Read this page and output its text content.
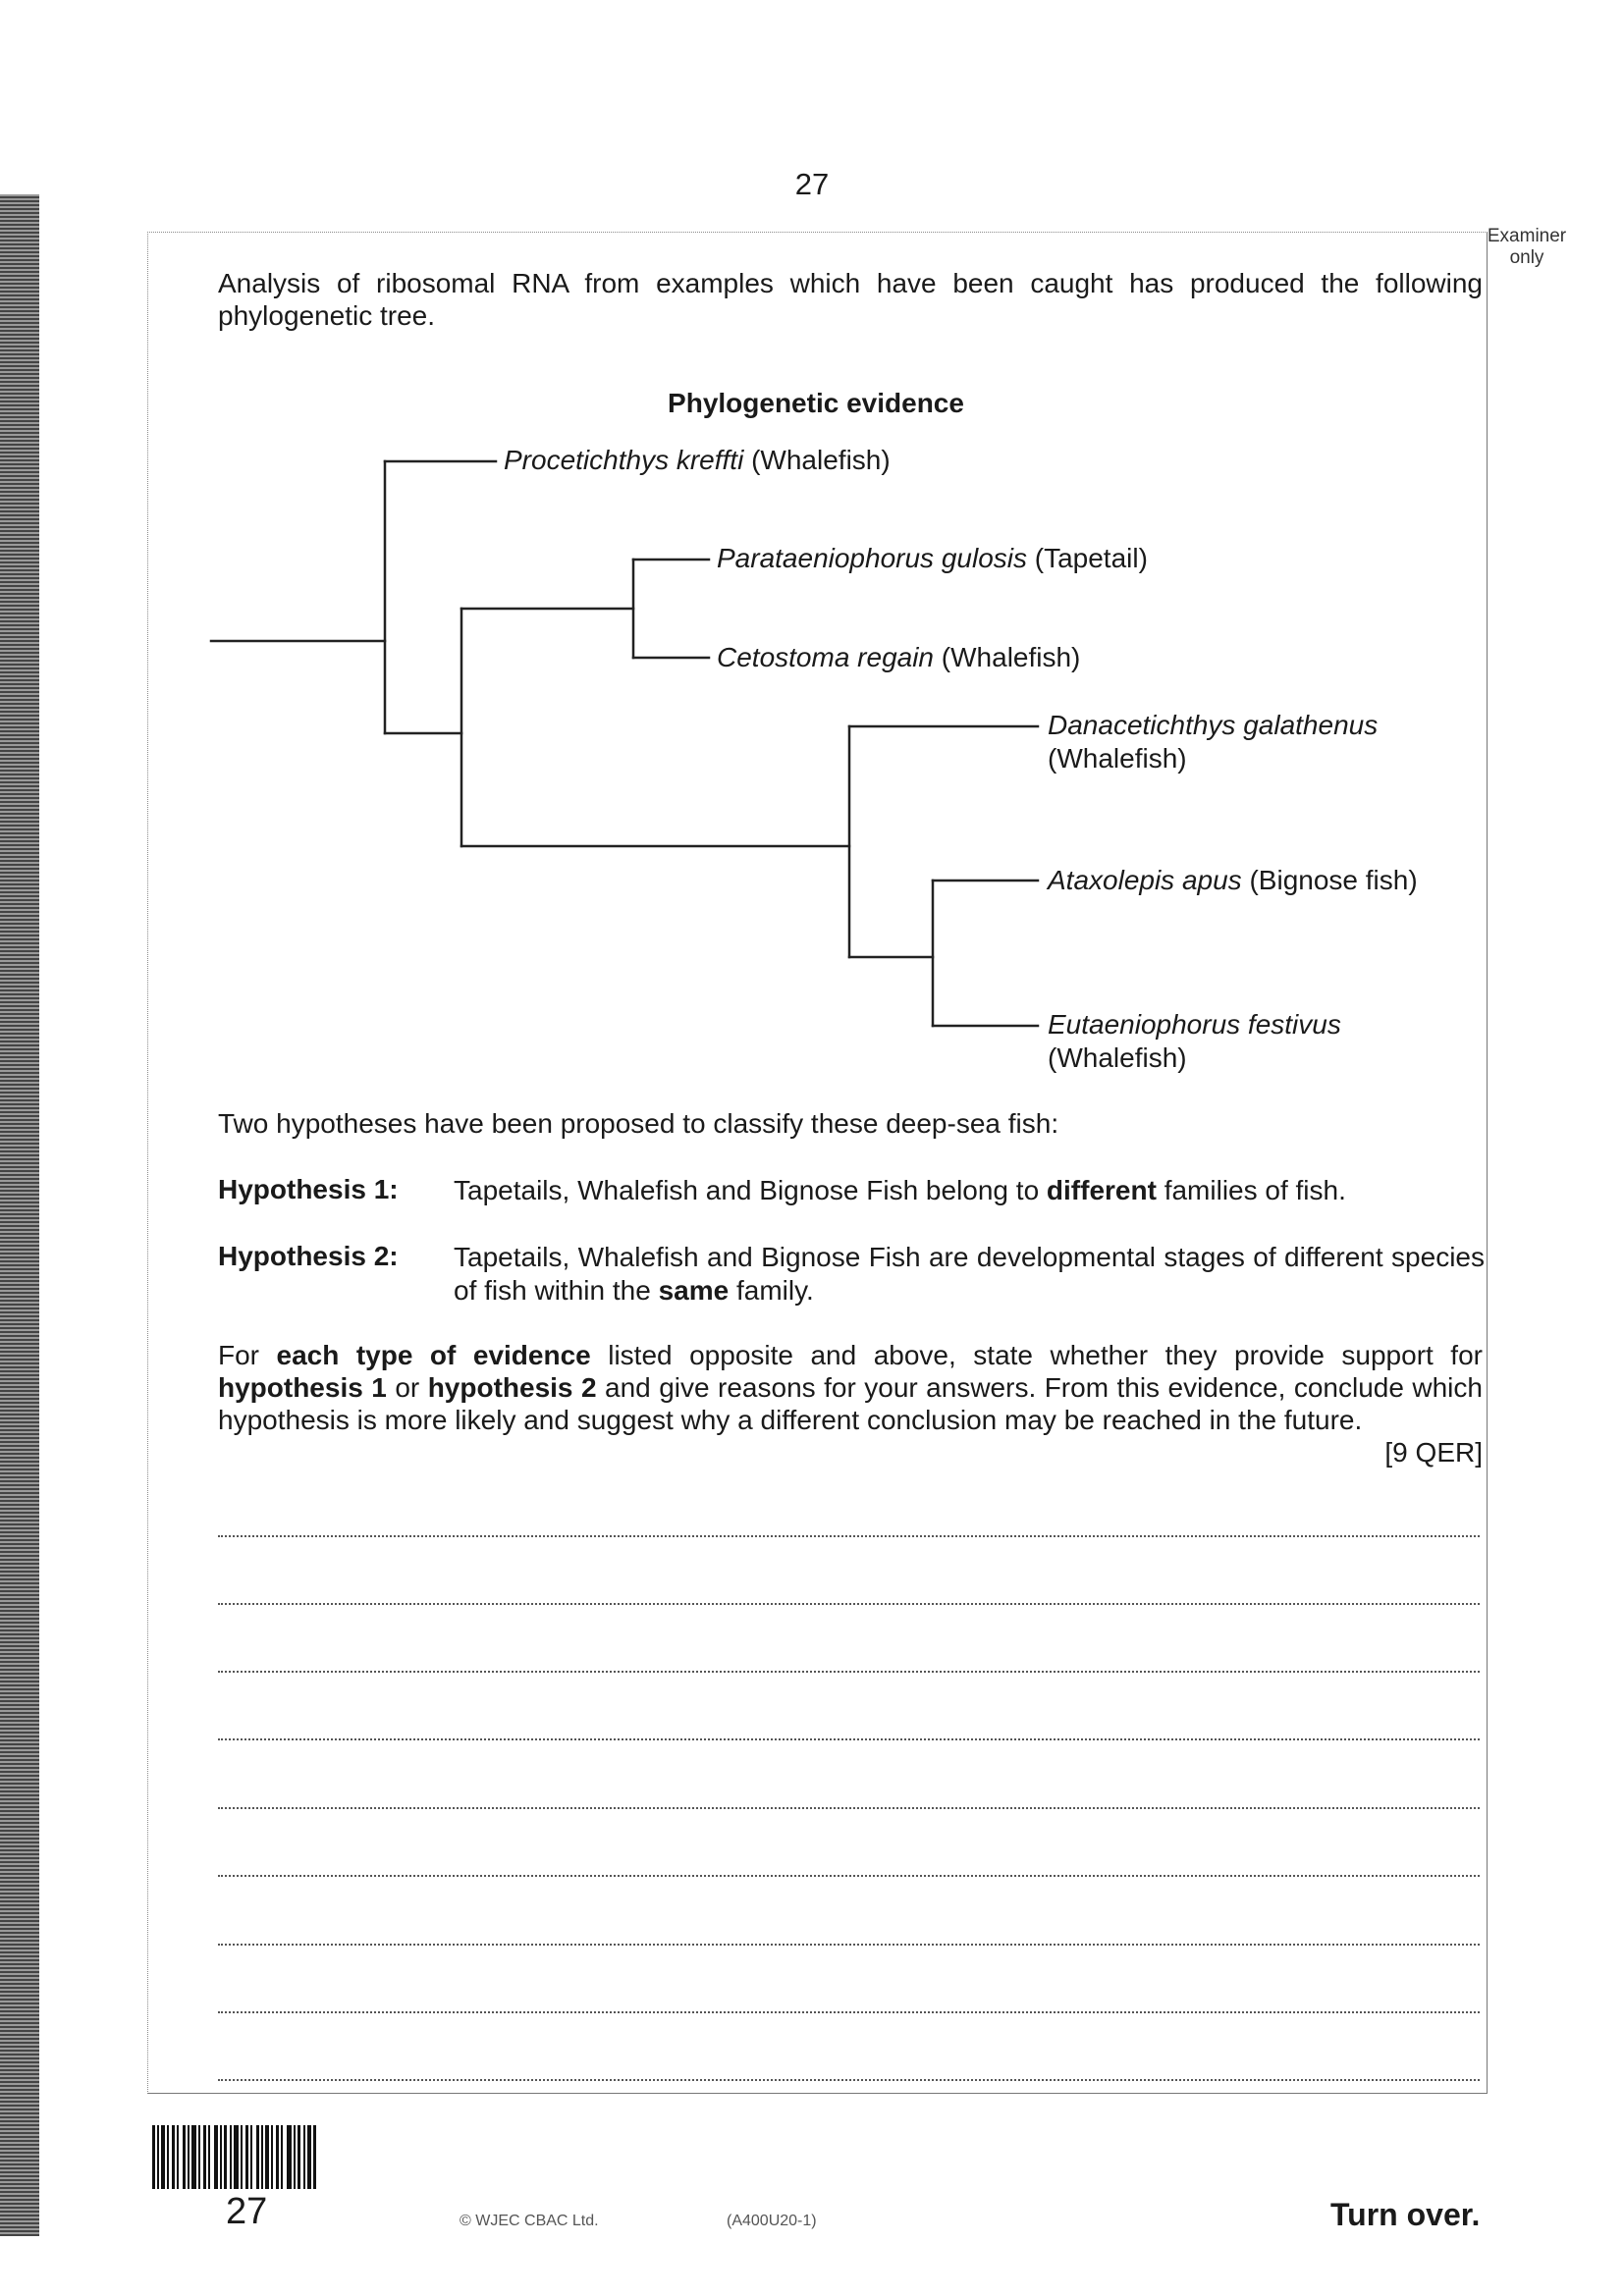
27
Examiner only
Analysis of ribosomal RNA from examples which have been caught has produced the following phylogenetic tree.
Phylogenetic evidence
Procetichthys kreffti (Whalefish)
Parataeniophorus gulosis (Tapetail)
Cetostoma regain (Whalefish)
Danacetichthys galathenus
(Whalefish)
Ataxolepis apus (Bignose fish)
Eutaeniophorus festivus
(Whalefish)
Two hypotheses have been proposed to classify these deep-sea fish:
Hypothesis 1: Tapetails, Whalefish and Bignose Fish belong to different families of fish.
Hypothesis 2: Tapetails, Whalefish and Bignose Fish are developmental stages of different species of fish within the same family.
For each type of evidence listed opposite and above, state whether they provide support for hypothesis 1 or hypothesis 2 and give reasons for your answers. From this evidence, conclude which hypothesis is more likely and suggest why a different conclusion may be reached in the future.
[9 QER]
27	© WJEC CBAC Ltd.	(A400U20-1)	Turn over.
